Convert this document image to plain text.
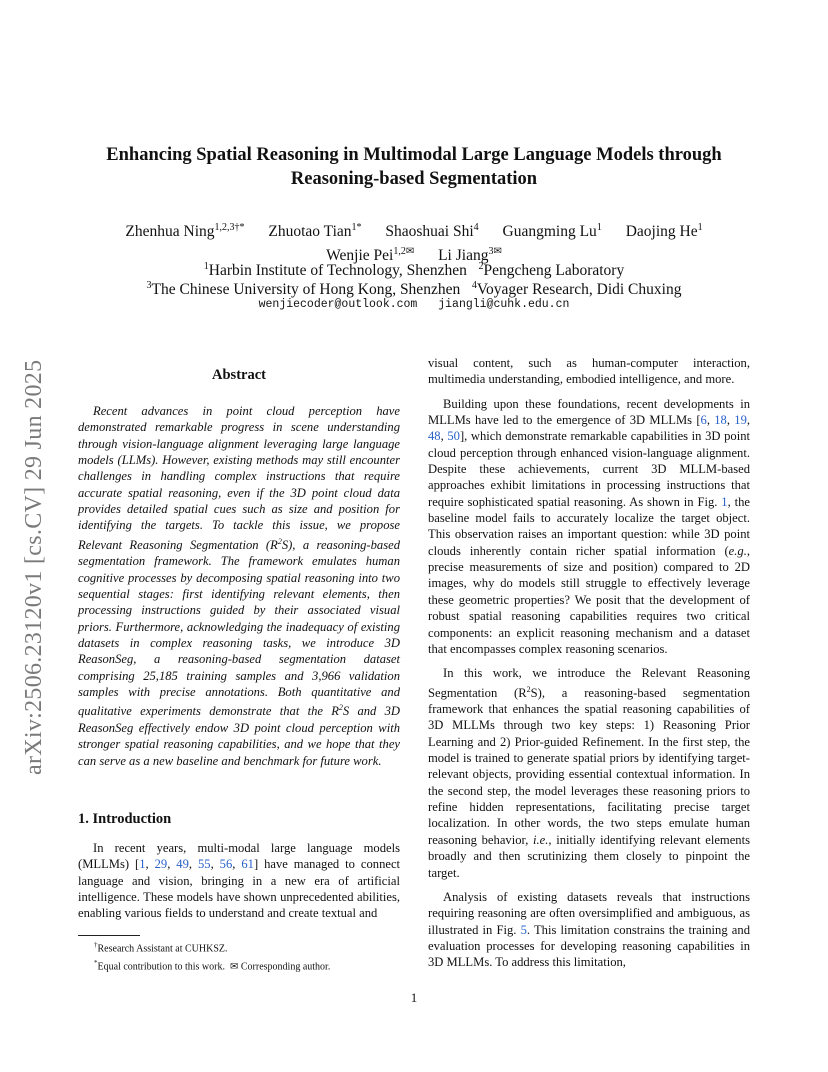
arXiv:2506.23120v1 [cs.CV] 29 Jun 2025
Enhancing Spatial Reasoning in Multimodal Large Language Models through Reasoning-based Segmentation
Zhenhua Ning$^{1,2,3\dagger*}$ Zhuotao Tian$^{1*}$ Shaoshuai Shi$^4$ Guangming Lu$^1$ Daojing He$^1$
Wenjie Pei$^{1,2✉}$ Li Jiang$^{3✉}$
$^1$Harbin Institute of Technology, Shenzhen $^2$Pengcheng Laboratory
$^3$The Chinese University of Hong Kong, Shenzhen $^4$Voyager Research, Didi Chuxing
wenjiecoder@outlook.com jiangli@cuhk.edu.cn
Abstract

Recent advances in point cloud perception have demonstrated remarkable progress in scene understanding through vision-language alignment leveraging large language models (LLMs). However, existing methods may still encounter challenges in handling complex instructions that require accurate spatial reasoning, even if the 3D point cloud data provides detailed spatial cues such as size and position for identifying the targets. To tackle this issue, we propose Relevant Reasoning Segmentation $(R^2S)$, a reasoning-based segmentation framework. The framework emulates human cognitive processes by decomposing spatial reasoning into two sequential stages: first identifying relevant elements, then processing instructions guided by their associated visual priors. Furthermore, acknowledging the inadequacy of existing datasets in complex reasoning tasks, we introduce 3D ReasonSeg, a reasoning-based segmentation dataset comprising 25,185 training samples and 3,966 validation samples with precise annotations. Both quantitative and qualitative experiments demonstrate that the $R^2S$ and 3D ReasonSeg effectively endow 3D point cloud perception with stronger spatial reasoning capabilities, and we hope that they can serve as a new baseline and benchmark for future work.

1. Introduction

In recent years, multi-modal large language models (MLLMs) [1, 29, 49, 55, 56, 61] have managed to connect language and vision, bringing in a new era of artificial intelligence. These models have shown unprecedented abilities, enabling various fields to understand and create textual and

visual content, such as human-computer interaction, multimedia understanding, embodied intelligence, and more.

Building upon these foundations, recent developments in MLLMs have led to the emergence of 3D MLLMs [6, 18, 19, 48, 50], which demonstrate remarkable capabilities in 3D point cloud perception through enhanced vision-language alignment. Despite these achievements, current 3D MLLM-based approaches exhibit limitations in processing instructions that require sophisticated spatial reasoning. As shown in Fig. 1, the baseline model fails to accurately localize the target object. This observation raises an important question: while 3D point clouds inherently contain richer spatial information (e.g., precise measurements of size and position) compared to 2D images, why do models still struggle to effectively leverage these geometric properties? We posit that the development of robust spatial reasoning capabilities requires two critical components: an explicit reasoning mechanism and a dataset that encompasses complex reasoning scenarios.

In this work, we introduce the Relevant Reasoning Segmentation $(R^2S)$, a reasoning-based segmentation framework that enhances the spatial reasoning capabilities of 3D MLLMs through two key steps: 1) Reasoning Prior Learning and 2) Prior-guided Refinement. In the first step, the model is trained to generate spatial priors by identifying target-relevant objects, providing essential contextual information. In the second step, the model leverages these reasoning priors to refine hidden representations, facilitating precise target localization. In other words, the two steps emulate human reasoning behavior, i.e., initially identifying relevant elements broadly and then scrutinizing them closely to pinpoint the target.

Analysis of existing datasets reveals that instructions requiring reasoning are often oversimplified and ambiguous, as illustrated in Fig. 5. This limitation constrains the training and evaluation processes for developing reasoning capabilities in 3D MLLMs. To address this limitation,

†Research Assistant at CUHKSZ.
*Equal contribution to this work. ✉ Corresponding author.
1
